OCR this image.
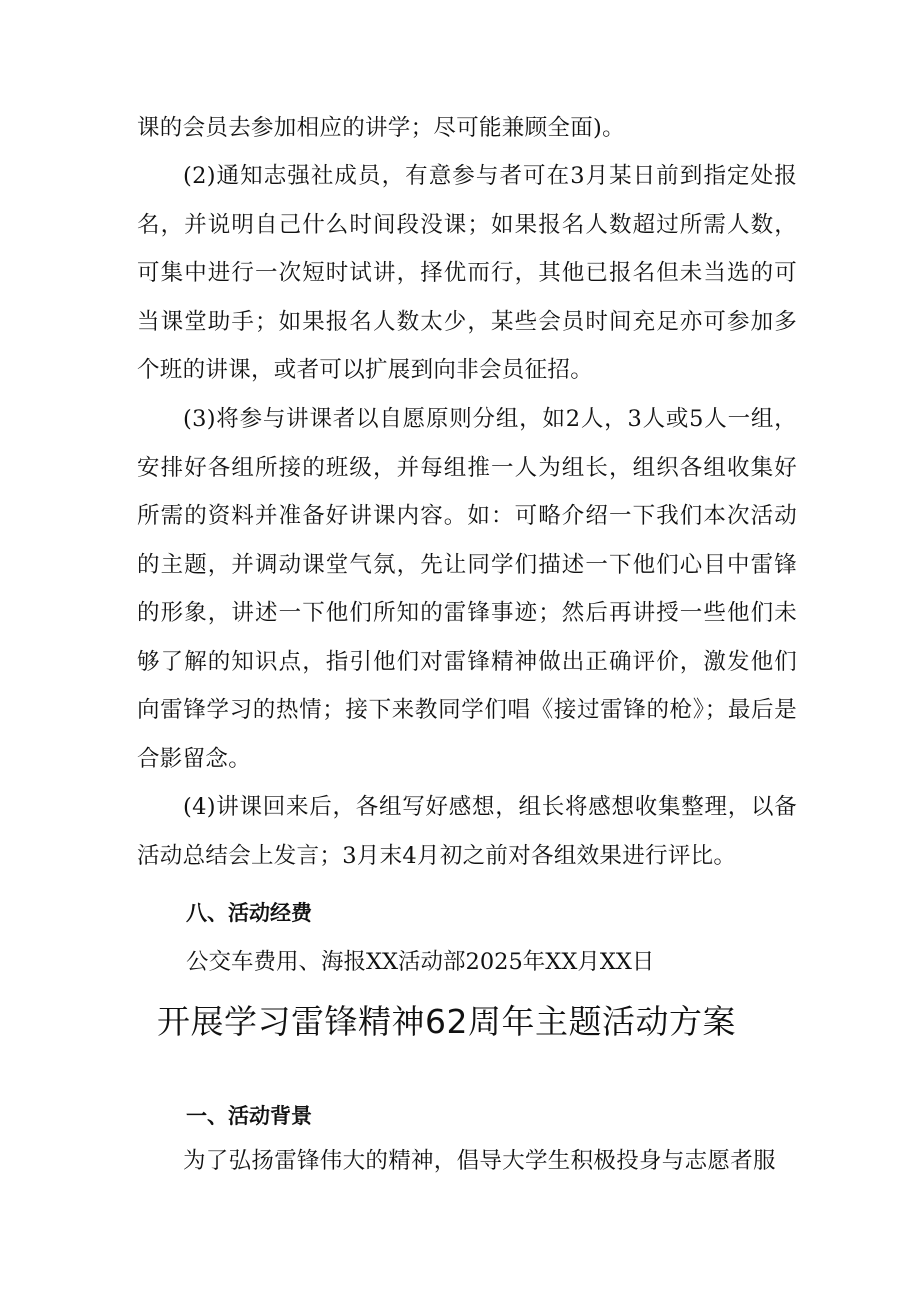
课的会员去参加相应的讲学；尽可能兼顾全面)。

(2)通知志强社成员，有意参与者可在3月某日前到指定处报名，并说明自己什么时间段没课；如果报名人数超过所需人数，可集中进行一次短时试讲，择优而行，其他已报名但未当选的可当课堂助手；如果报名人数太少，某些会员时间充足亦可参加多个班的讲课，或者可以扩展到向非会员征招。

(3)将参与讲课者以自愿原则分组，如2人，3人或5人一组，安排好各组所接的班级，并每组推一人为组长，组织各组收集好所需的资料并准备好讲课内容。如：可略介绍一下我们本次活动的主题，并调动课堂气氛，先让同学们描述一下他们心目中雷锋的形象，讲述一下他们所知的雷锋事迹；然后再讲授一些他们未够了解的知识点，指引他们对雷锋精神做出正确评价，激发他们向雷锋学习的热情；接下来教同学们唱《接过雷锋的枪》；最后是合影留念。

(4)讲课回来后，各组写好感想，组长将感想收集整理，以备活动总结会上发言；3月末4月初之前对各组效果进行评比。

八、活动经费

公交车费用、海报XX活动部2025年XX月XX日

开展学习雷锋精神62周年主题活动方案
一、活动背景

为了弘扬雷锋伟大的精神，倡导大学生积极投身与志愿者服
